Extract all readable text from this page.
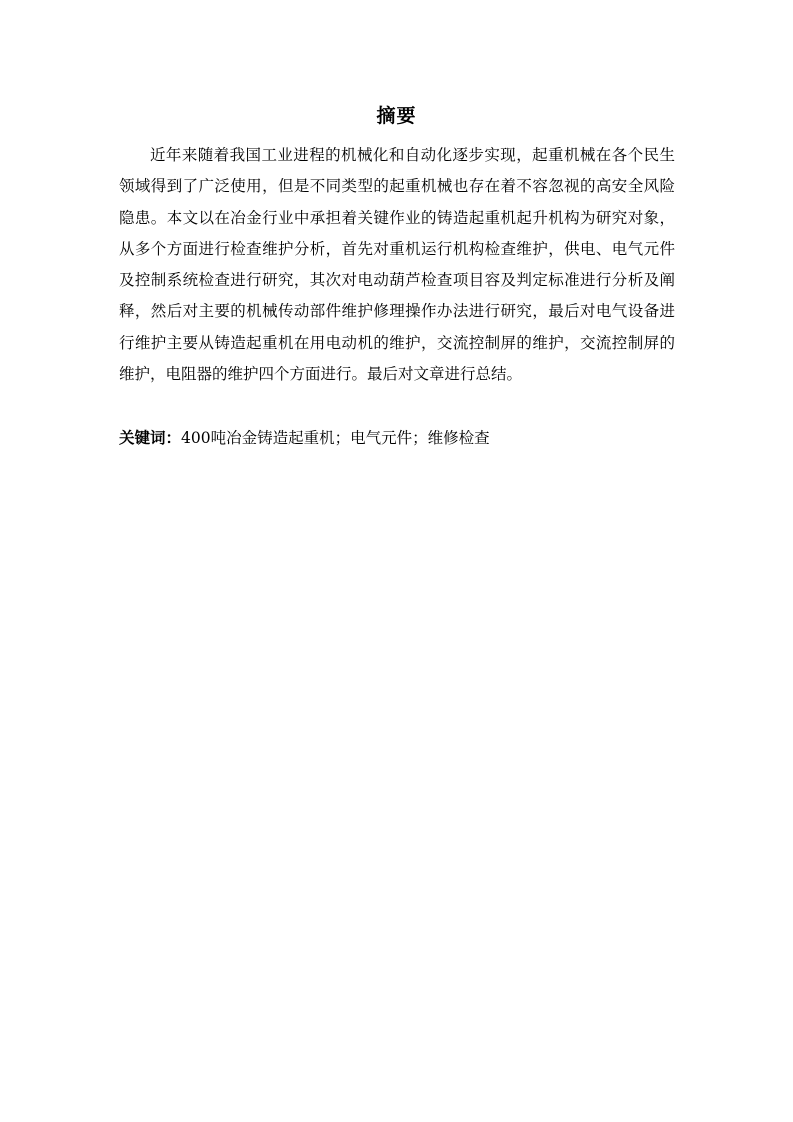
摘要

近年来随着我国工业进程的机械化和自动化逐步实现，起重机械在各个民生领域得到了广泛使用，但是不同类型的起重机械也存在着不容忽视的高安全风险隐患。本文以在冶金行业中承担着关键作业的铸造起重机起升机构为研究对象，从多个方面进行检查维护分析，首先对重机运行机构检查维护，供电、电气元件及控制系统检查进行研究，其次对电动葫芦检查项目容及判定标准进行分析及阐释，然后对主要的机械传动部件维护修理操作办法进行研究，最后对电气设备进行维护主要从铸造起重机在用电动机的维护，交流控制屏的维护，交流控制屏的维护，电阻器的维护四个方面进行。最后对文章进行总结。

关键词：400吨冶金铸造起重机；电气元件；维修检查
